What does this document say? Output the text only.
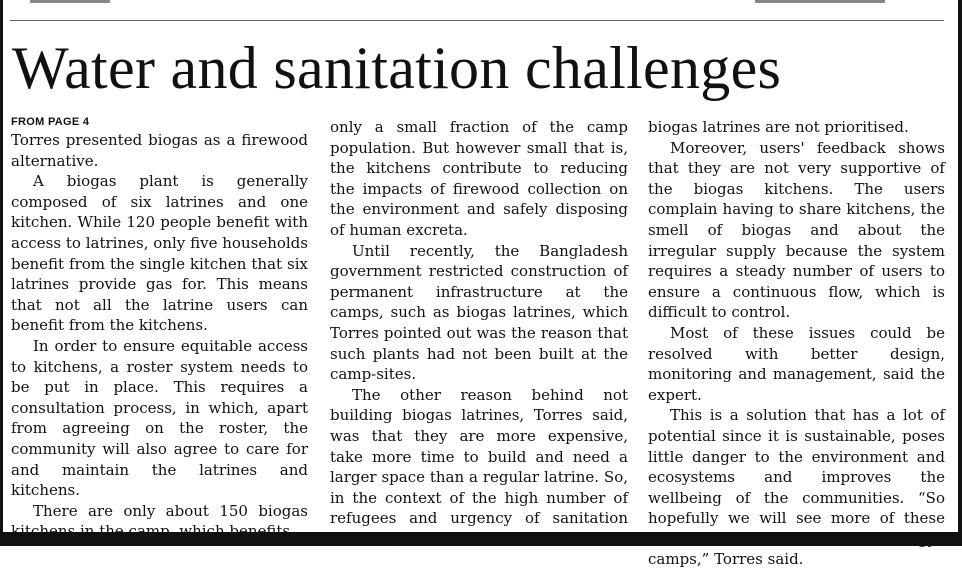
Water and sanitation challenges
FROM PAGE 4

Torres presented biogas as a firewood alternative.

A biogas plant is generally composed of six latrines and one kitchen. While 120 people benefit with access to latrines, only five households benefit from the single kitchen that six latrines provide gas for. This means that not all the latrine users can benefit from the kitchens.

In order to ensure equitable access to kitchens, a roster system needs to be put in place. This requires a consultation process, in which, apart from agreeing on the roster, the community will also agree to care for and maintain the latrines and kitchens.

There are only about 150 biogas kitchens in the camp, which benefits

only a small fraction of the camp population. But however small that is, the kitchens contribute to reducing the impacts of firewood collection on the environment and safely disposing of human excreta.

Until recently, the Bangladesh government restricted construction of permanent infrastructure at the camps, such as biogas latrines, which Torres pointed out was the reason that such plants had not been built at the camp-sites.

The other reason behind not building biogas latrines, Torres said, was that they are more expensive, take more time to build and need a larger space than a regular latrine. So, in the context of the high number of refugees and urgency of sanitation facilities,

biogas latrines are not prioritised.

Moreover, users' feedback shows that they are not very supportive of the biogas kitchens. The users complain having to share kitchens, the smell of biogas and about the irregular supply because the system requires a steady number of users to ensure a continuous flow, which is difficult to control.

Most of these issues could be resolved with better design, monitoring and management, said the expert.

This is a solution that has a lot of potential since it is sustainable, poses little danger to the environment and ecosystems and improves the wellbeing of the communities. “So hopefully we will see more of these latrines in the future at the Rohingya camps,” Torres said.
